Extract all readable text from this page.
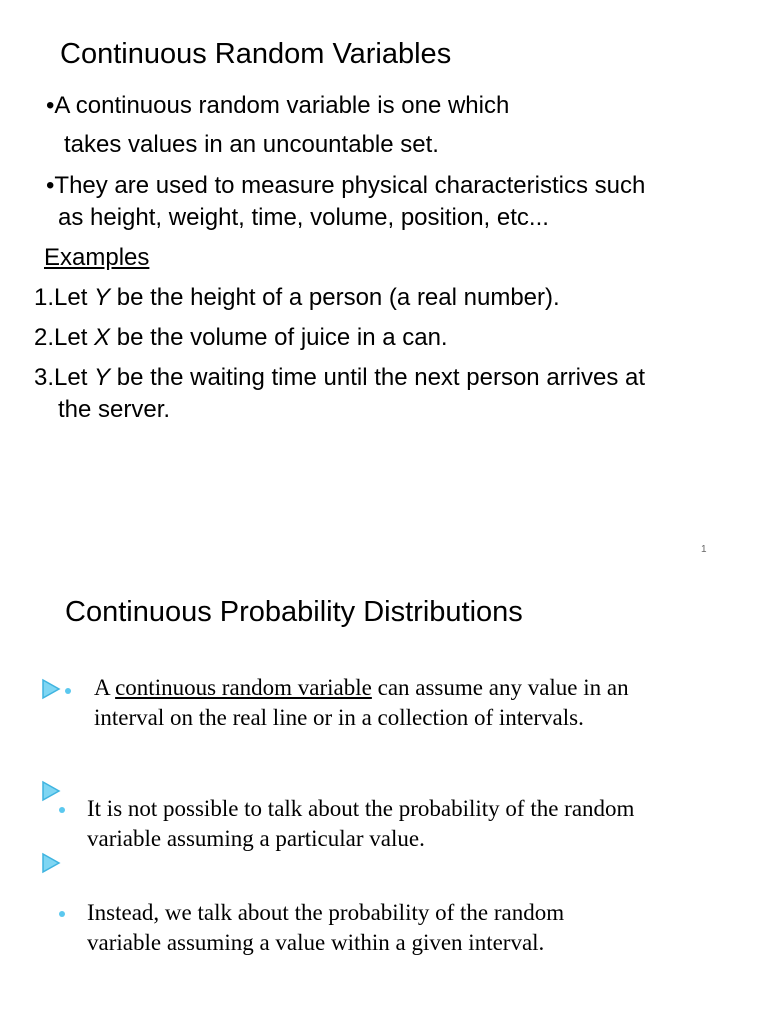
Continuous Random Variables
•A continuous random variable is one which
takes values in an uncountable set.
•They are used to measure physical characteristics such
as height, weight, time, volume, position, etc...
Examples
1.Let Y be the height of a person (a real number).
2.Let X be the volume of juice in a can.
3.Let Y be the waiting time until the next person arrives at
the server.
1
Continuous Probability Distributions
A continuous random variable can assume any value in an
interval on the real line or in a collection of intervals.
It is not possible to talk about the probability of the random
variable assuming a particular value.
Instead, we talk about the probability of the random
variable assuming a value within a given interval.
